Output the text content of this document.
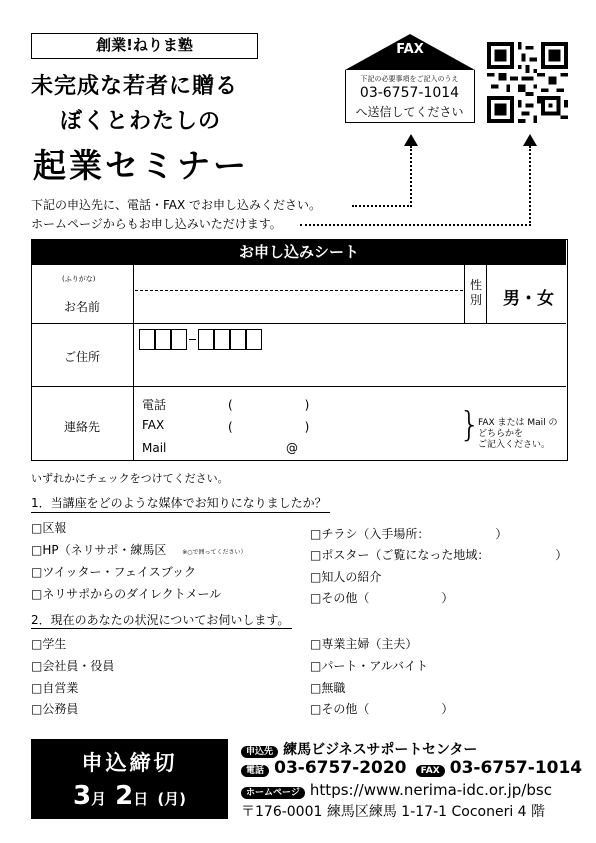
創業!ねりま塾
未完成な若者に贈る
ぼくとわたしの
起業セミナー
FAX
下記の必要事項をご記入のうえ
03-6757-1014
へ送信してください
下記の申込先に、電話・FAX でお申し込みください。
ホームページからもお申し込みいただけます。
お申し込みシート
(ふりがな)
お名前
性別 男・女
ご住所
連絡先
電話	(　　　　　　)
FAX	(　　　　　　)
Mail	@
}
FAX または Mail の
どちらかを
ご記入ください。
いずれかにチェックをつけてください。
1．当講座をどのような媒体でお知りになりましたか？
□区報
□HP（ネリサポ・練馬区	※○で囲ってください）
□ツイッター・フェイスブック
□ネリサポからのダイレクトメール
□チラシ（入手場所：　　　　　　）
□ポスター（ご覧になった地域：　　　　　　）
□知人の紹介
□その他（　　　　　　）
2．現在のあなたの状況についてお伺いします。
□学生
□会社員・役員
□自営業
□公務員
□専業主婦（主夫）
□パート・アルバイト
□無職
□その他（　　　　　　）
申込締切
3月 2日 (月)
申込先 練馬ビジネスサポートセンター
電話 03-6757-2020 FAX 03-6757-1014
ホームページ https://www.nerima-idc.or.jp/bsc
〒176-0001 練馬区練馬 1-17-1 Coconeri 4 階
